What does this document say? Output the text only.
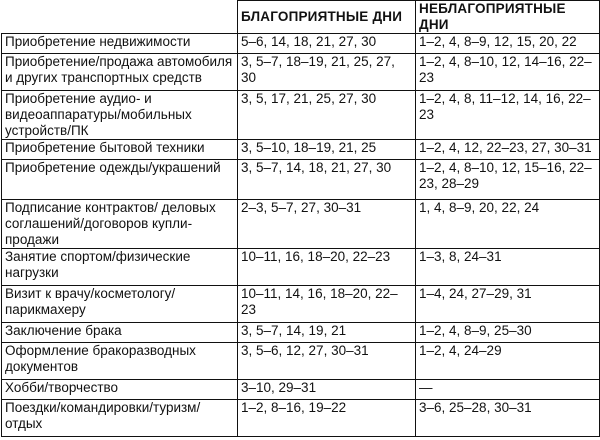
	БЛАГОПРИЯТНЫЕ ДНИ	НЕБЛАГОПРИЯТНЫЕ ДНИ
Приобретение недвижимости	5–6, 14, 18, 21, 27, 30	1–2, 4, 8–9, 12, 15, 20, 22
Приобретение/продажа автомобиля и других транспортных средств	3, 5–7, 18–19, 21, 25, 27, 30	1–2, 4, 8–10, 12, 14–16, 22–23
Приобретение аудио- и видеоаппаратуры/мобильных устройств/ПК	3, 5, 17, 21, 25, 27, 30	1–2, 4, 8, 11–12, 14, 16, 22–23
Приобретение бытовой техники	3, 5–10, 18–19, 21, 25	1–2, 4, 12, 22–23, 27, 30–31
Приобретение одежды/украшений	3, 5–7, 14, 18, 21, 27, 30	1–2, 4, 8–10, 12, 15–16, 22–23, 28–29
Подписание контрактов/ деловых соглашений/договоров купли-продажи	2–3, 5–7, 27, 30–31	1, 4, 8–9, 20, 22, 24
Занятие спортом/физические нагрузки	10–11, 16, 18–20, 22–23	1–3, 8, 24–31
Визит к врачу/косметологу/парикмахеру	10–11, 14, 16, 18–20, 22–23	1–4, 24, 27–29, 31
Заключение брака	3, 5–7, 14, 19, 21	1–2, 4, 8–9, 25–30
Оформление бракоразводных документов	3, 5–6, 12, 27, 30–31	1–2, 4, 24–29
Хобби/творчество	3–10, 29–31	—
Поездки/командировки/туризм/отдых	1–2, 8–16, 19–22	3–6, 25–28, 30–31
